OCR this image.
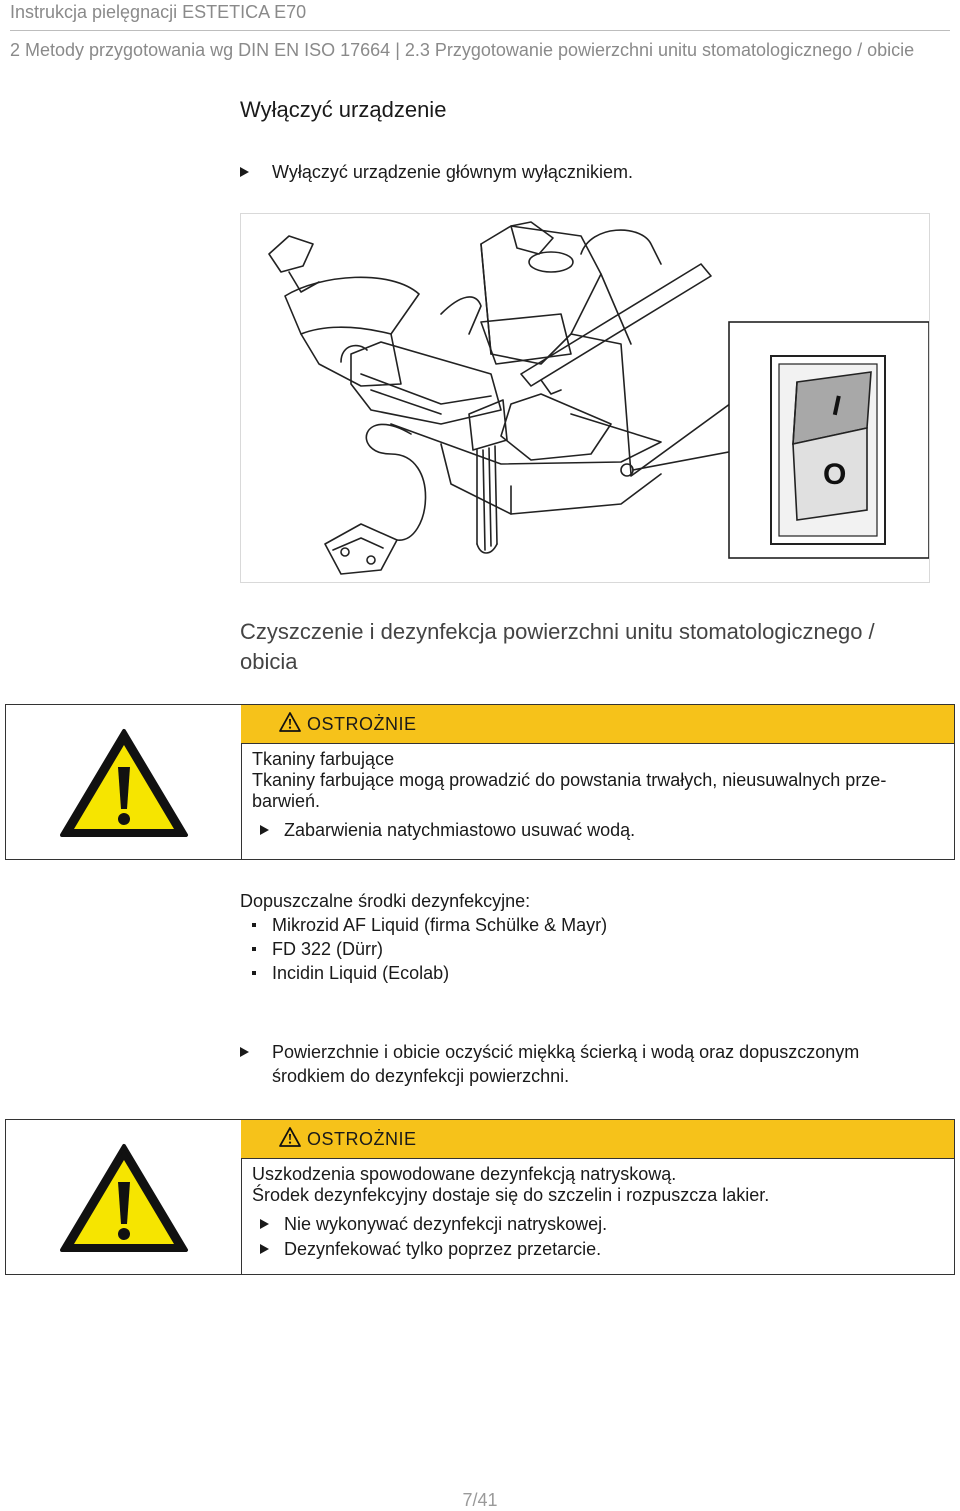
Instrukcja pielęgnacji ESTETICA E70
2 Metody przygotowania wg DIN EN ISO 17664 | 2.3 Przygotowanie powierzchni unitu stomatologicznego / obicie
Wyłączyć urządzenie
Wyłączyć urządzenie głównym wyłącznikiem.
I
O
Czyszczenie i dezynfekcja powierzchni unitu stomatologicznego / obicia
OSTROŻNIE
Tkaniny farbujące
Tkaniny farbujące mogą prowadzić do powstania trwałych, nieusuwalnych prze-barwień.
Zabarwienia natychmiastowo usuwać wodą.
Dopuszczalne środki dezynfekcyjne:
Mikrozid AF Liquid (firma Schülke & Mayr)
FD 322 (Dürr)
Incidin Liquid (Ecolab)
Powierzchnie i obicie oczyścić miękką ścierką i wodą oraz dopuszczonym środkiem do dezynfekcji powierzchni.
OSTROŻNIE
Uszkodzenia spowodowane dezynfekcją natryskową.
Środek dezynfekcyjny dostaje się do szczelin i rozpuszcza lakier.
Nie wykonywać dezynfekcji natryskowej.
Dezynfekować tylko poprzez przetarcie.
7/41
